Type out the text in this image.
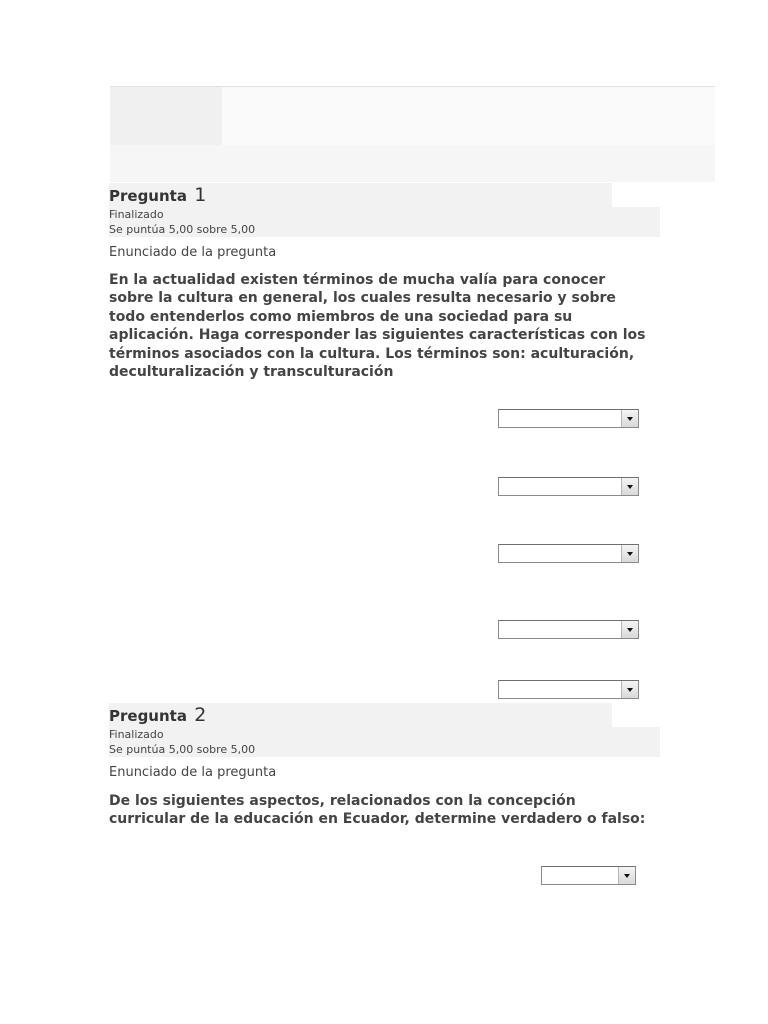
Pregunta 1
Finalizado
Se puntúa 5,00 sobre 5,00
Enunciado de la pregunta

En la actualidad existen términos de mucha valía para conocer sobre la cultura en general, los cuales resulta necesario y sobre todo entenderlos como miembros de una sociedad para su aplicación. Haga corresponder las siguientes características con los términos asociados con la cultura. Los términos son: aculturación, deculturalización y transculturación

Pregunta 2
Finalizado
Se puntúa 5,00 sobre 5,00
Enunciado de la pregunta

De los siguientes aspectos, relacionados con la concepción curricular de la educación en Ecuador, determine verdadero o falso:
